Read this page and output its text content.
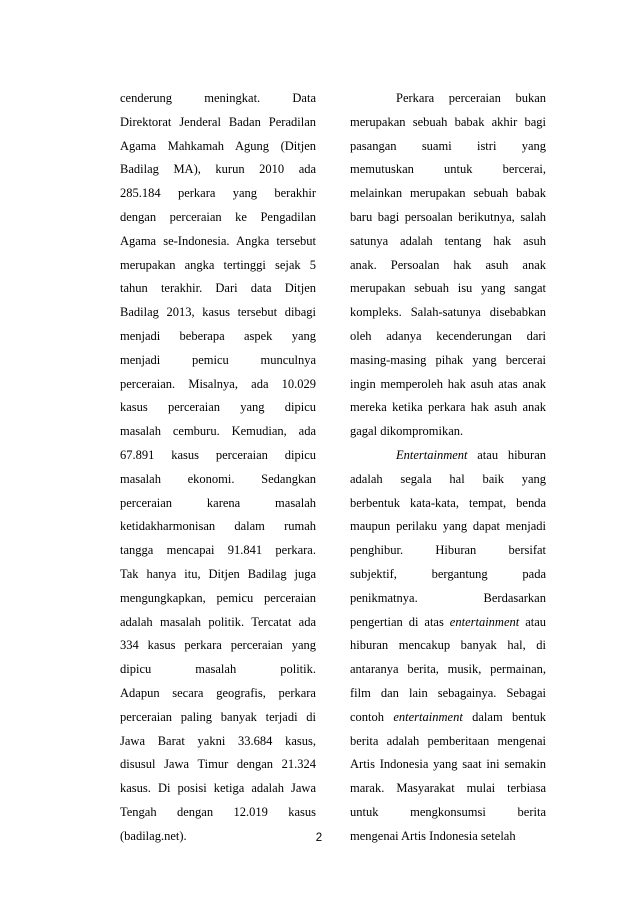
cenderung	meningkat.	Data
Direktorat Jenderal Badan Peradilan
Agama Mahkamah Agung (Ditjen
Badilag MA), kurun 2010 ada
285.184 perkara yang berakhir
dengan perceraian ke Pengadilan
Agama se-Indonesia. Angka tersebut
merupakan angka tertinggi sejak 5
tahun terakhir. Dari data Ditjen
Badilag 2013, kasus tersebut dibagi
menjadi beberapa aspek yang
menjadi	pemicu	munculnya
perceraian. Misalnya, ada 10.029
kasus perceraian yang dipicu
masalah cemburu. Kemudian, ada
67.891 kasus perceraian dipicu
masalah ekonomi. Sedangkan
perceraian	karena	masalah
ketidakharmonisan dalam rumah
tangga mencapai 91.841 perkara.
Tak hanya itu, Ditjen Badilag juga
mengungkapkan, pemicu perceraian
adalah masalah politik. Tercatat ada
334 kasus perkara perceraian yang
dipicu	masalah	politik.
Adapun secara geografis, perkara
perceraian paling banyak terjadi di
Jawa Barat yakni 33.684 kasus,
disusul Jawa Timur dengan 21.324
kasus. Di posisi ketiga adalah Jawa
Tengah dengan 12.019 kasus
(badilag.net).
Perkara perceraian bukan
merupakan sebuah babak akhir bagi
pasangan suami istri yang
memutuskan untuk bercerai,
melainkan merupakan sebuah babak
baru bagi persoalan berikutnya, salah
satunya adalah tentang hak asuh
anak. Persoalan hak asuh anak
merupakan sebuah isu yang sangat
kompleks. Salah-satunya disebabkan
oleh adanya kecenderungan dari
masing-masing pihak yang bercerai
ingin memperoleh hak asuh atas anak
mereka ketika perkara hak asuh anak
gagal dikompromikan.
Entertainment atau hiburan
adalah segala hal baik yang
berbentuk kata-kata, tempat, benda
maupun perilaku yang dapat menjadi
penghibur.	Hiburan	bersifat
subjektif,	bergantung	pada
penikmatnya.	Berdasarkan
pengertian di atas entertainment atau
hiburan mencakup banyak hal, di
antaranya berita, musik, permainan,
film dan lain sebagainya. Sebagai
contoh entertainment dalam bentuk
berita adalah pemberitaan mengenai
Artis Indonesia yang saat ini semakin
marak. Masyarakat mulai terbiasa
untuk	mengkonsumsi	berita
mengenai Artis Indonesia setelah
2
